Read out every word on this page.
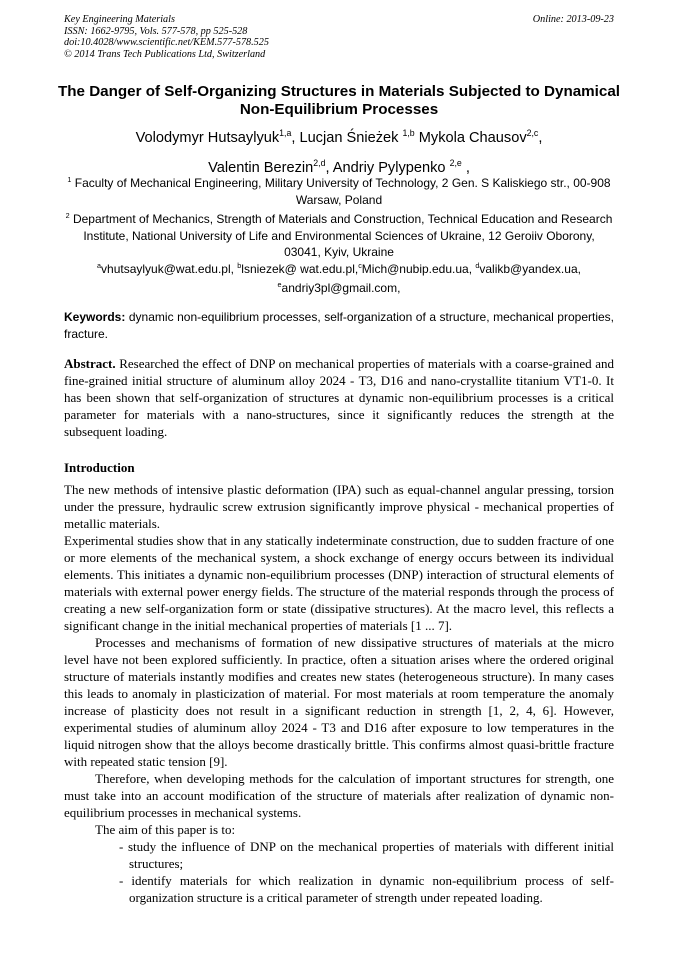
Key Engineering Materials
ISSN: 1662-9795, Vols. 577-578, pp 525-528
doi:10.4028/www.scientific.net/KEM.577-578.525
© 2014 Trans Tech Publications Ltd, Switzerland
Online: 2013-09-23
The Danger of Self-Organizing Structures in Materials Subjected to Dynamical Non-Equilibrium Processes
Volodymyr Hutsaylyuk$^{1,a}$, Lucjan Śnieżek $^{1,b}$ Mykola Chausov$^{2,c}$,
Valentin Berezin$^{2,d}$, Andriy Pylypenko $^{2,e}$ ,
$^1$ Faculty of Mechanical Engineering, Military University of Technology, 2 Gen. S Kaliskiego str., 00-908 Warsaw, Poland
$^2$ Department of Mechanics, Strength of Materials and Construction, Technical Education and Research Institute, National University of Life and Environmental Sciences of Ukraine, 12 Geroiiv Oborony, 03041, Kyiv, Ukraine
$^a$vhutsaylyuk@wat.edu.pl, $^b$lsniezek@ wat.edu.pl,$^c$Mich@nubip.edu.ua, $^d$valikb@yandex.ua,
$^e$andriy3pl@gmail.com,
Keywords: dynamic non-equilibrium processes, self-organization of a structure, mechanical properties, fracture.
Abstract. Researched the effect of DNP on mechanical properties of materials with a coarse-grained and fine-grained initial structure of aluminum alloy 2024 - T3, D16 and nano-crystallite titanium VT1-0. It has been shown that self-organization of structures at dynamic non-equilibrium processes is a critical parameter for materials with a nano-structures, since it significantly reduces the strength at the subsequent loading.
Introduction

The new methods of intensive plastic deformation (IPA) such as equal-channel angular pressing, torsion under the pressure, hydraulic screw extrusion significantly improve physical - mechanical properties of metallic materials.

Experimental studies show that in any statically indeterminate construction, due to sudden fracture of one or more elements of the mechanical system, a shock exchange of energy occurs between its individual elements. This initiates a dynamic non-equilibrium processes (DNP) interaction of structural elements of materials with external power energy fields. The structure of the material responds through the process of creating a new self-organization form or state (dissipative structures). At the macro level, this reflects a significant change in the initial mechanical properties of materials [1 ... 7].

Processes and mechanisms of formation of new dissipative structures of materials at the micro level have not been explored sufficiently. In practice, often a situation arises where the ordered original structure of materials instantly modifies and creates new states (heterogeneous structure). In many cases this leads to anomaly in plasticization of material. For most materials at room temperature the anomaly increase of plasticity does not result in a significant reduction in strength [1, 2, 4, 6]. However, experimental studies of aluminum alloy 2024 - T3 and D16 after exposure to low temperatures in the liquid nitrogen show that the alloys become drastically brittle. This confirms almost quasi-brittle fracture with repeated static tension [9].

Therefore, when developing methods for the calculation of important structures for strength, one must take into an account modification of the structure of materials after realization of dynamic non-equilibrium processes in mechanical systems.

The aim of this paper is to:

- study the influence of DNP on the mechanical properties of materials with different initial structures;
- identify materials for which realization in dynamic non-equilibrium process of self-organization structure is a critical parameter of strength under repeated loading.
